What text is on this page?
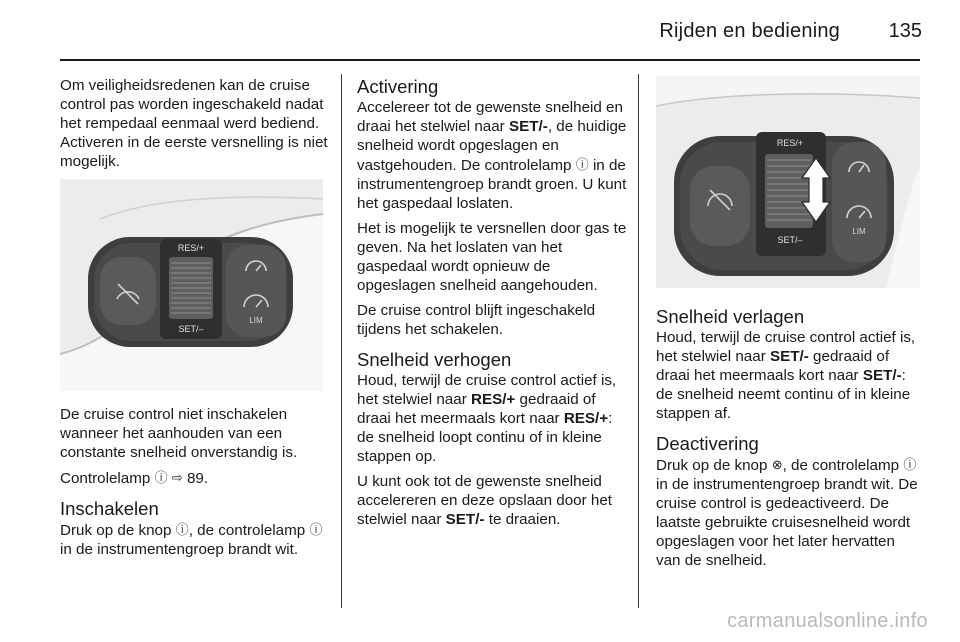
Rijden en bediening	135

Om veiligheidsredenen kan de cruise control pas worden ingeschakeld nadat het rempedaal eenmaal werd bediend. Activeren in de eerste versnelling is niet mogelijk.

RES/+
SET/–
LIM

De cruise control niet inschakelen wanneer het aanhouden van een constante snelheid onverstandig is.

Controlelamp ⓘ ⇨ 89.

Inschakelen

Druk op de knop ⓘ, de controlelamp ⓘ in de instrumentengroep brandt wit.

Activering

Accelereer tot de gewenste snelheid en draai het stelwiel naar SET/-, de huidige snelheid wordt opgeslagen en vastgehouden. De controlelamp ⓘ in de instrumentengroep brandt groen. U kunt het gaspedaal loslaten.

Het is mogelijk te versnellen door gas te geven. Na het loslaten van het gaspedaal wordt opnieuw de opgeslagen snelheid aangehouden.

De cruise control blijft ingeschakeld tijdens het schakelen.

Snelheid verhogen

Houd, terwijl de cruise control actief is, het stelwiel naar RES/+ gedraaid of draai het meermaals kort naar RES/+: de snelheid loopt continu of in kleine stappen op.

U kunt ook tot de gewenste snelheid accelereren en deze opslaan door het stelwiel naar SET/- te draaien.

RES/+
SET/–
LIM
Snelheid verlagen

Houd, terwijl de cruise control actief is, het stelwiel naar SET/- gedraaid of draai het meermaals kort naar SET/-: de snelheid neemt continu of in kleine stappen af.

Deactivering

Druk op de knop ⊗, de controlelamp ⓘ in de instrumentengroep brandt wit. De cruise control is gedeactiveerd. De laatste gebruikte cruisesnelheid wordt opgeslagen voor het later hervatten van de snelheid.

carmanualsonline.info
